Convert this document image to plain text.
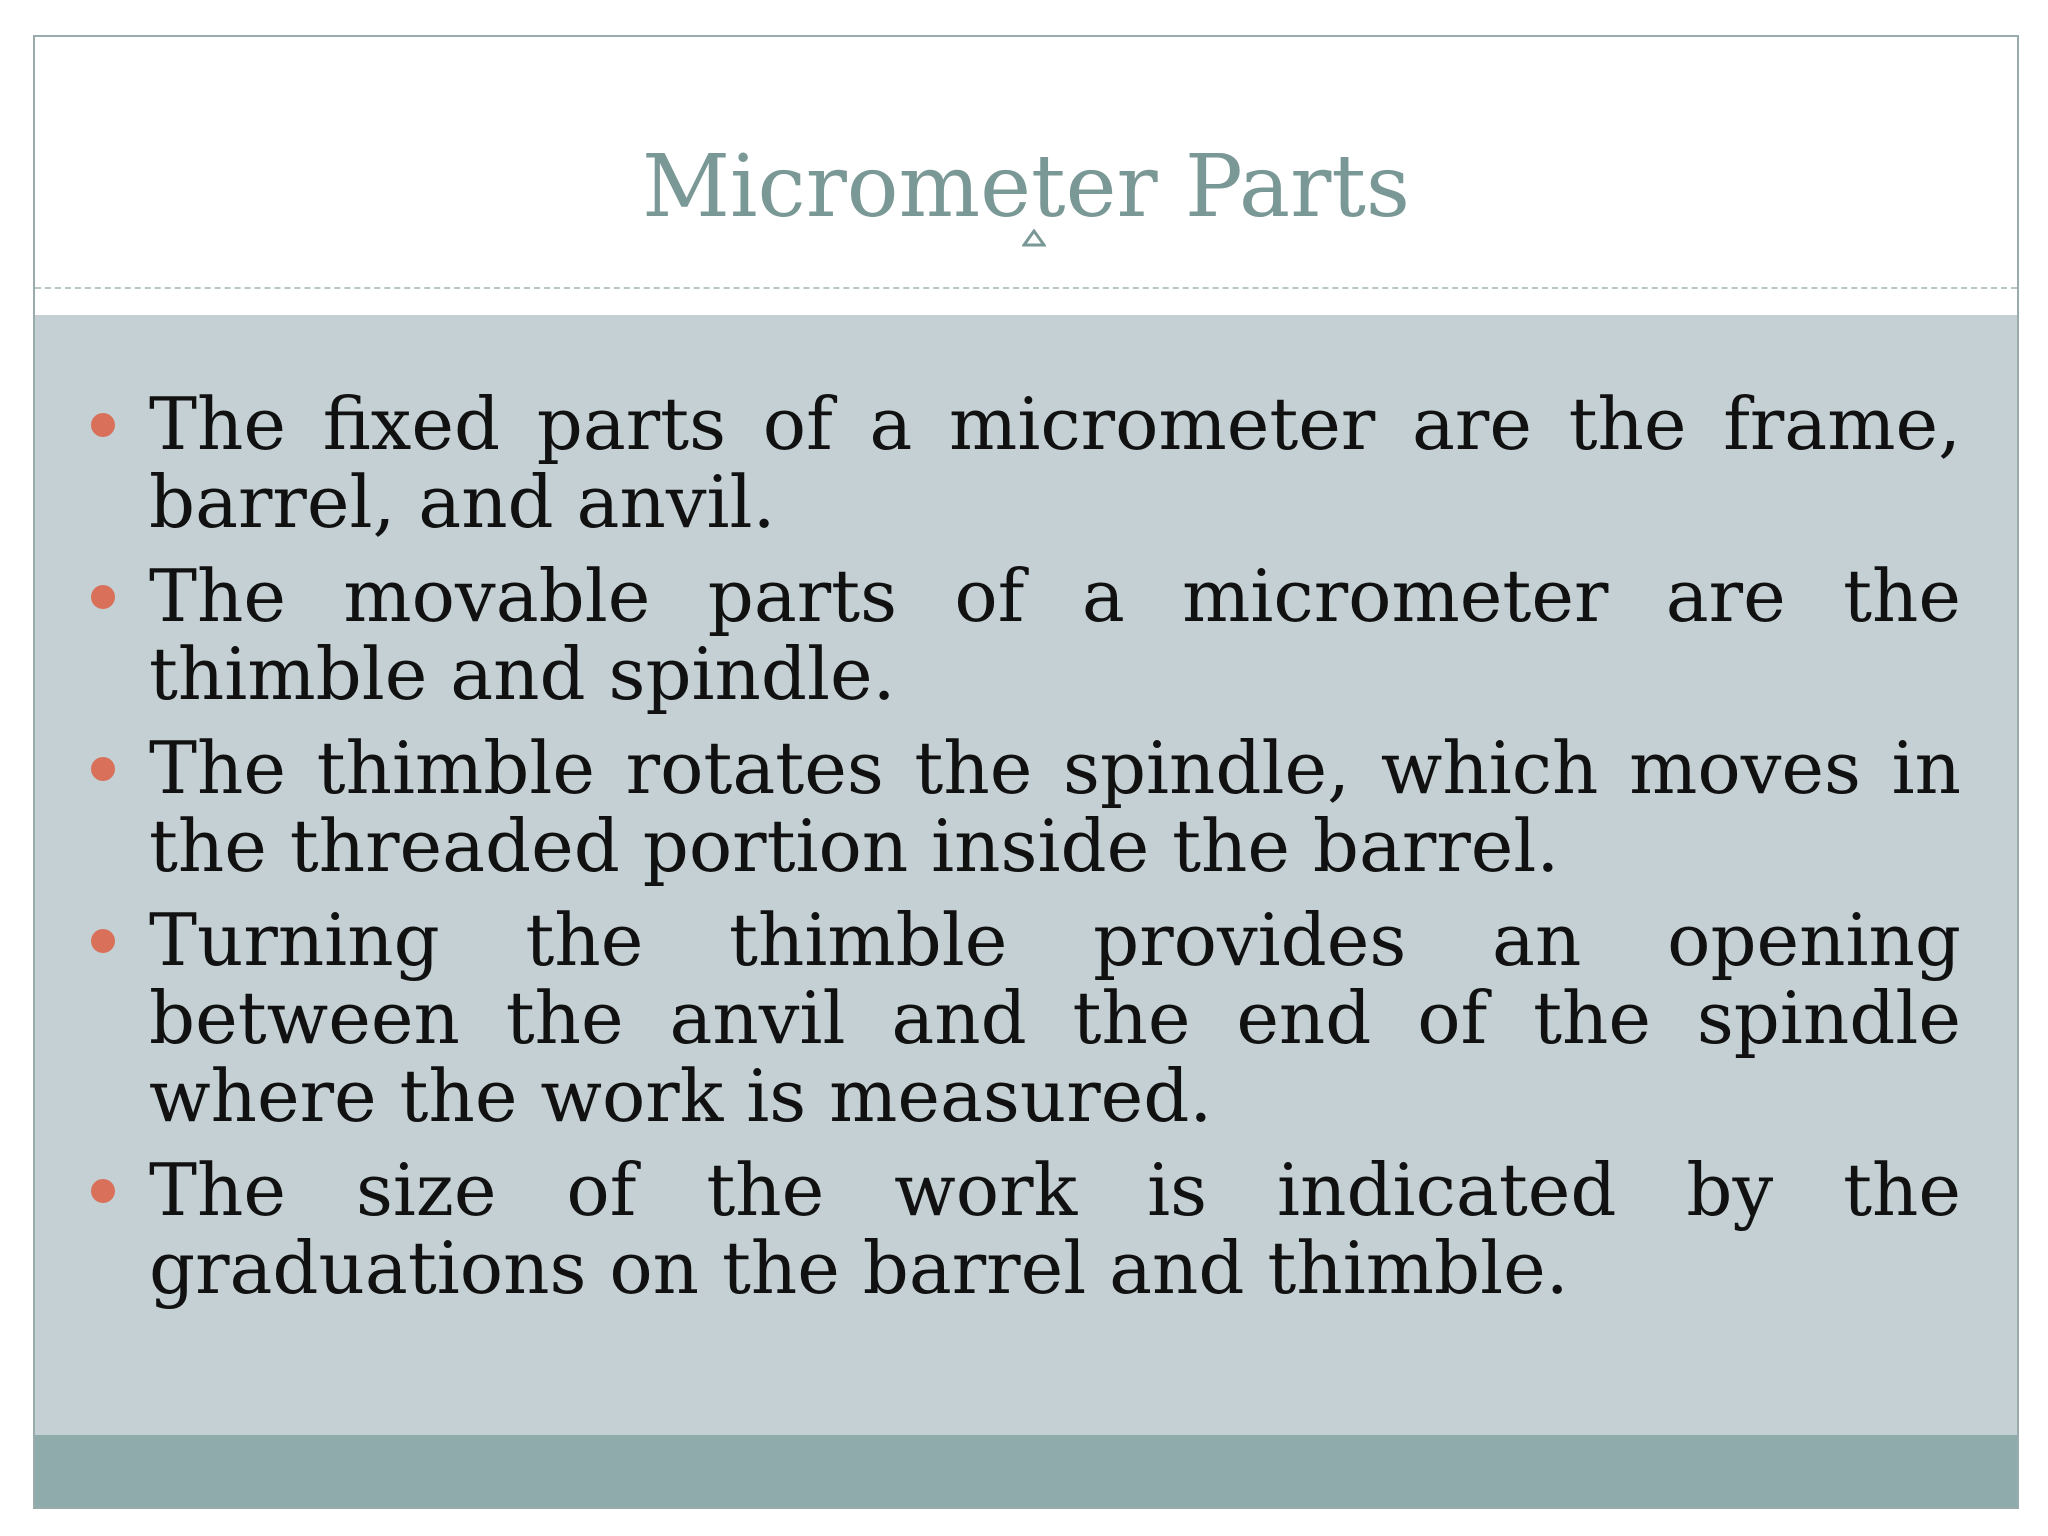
Micrometer Parts
The fixed parts of a micrometer are the frame, barrel, and anvil.
The movable parts of a micrometer are the thimble and spindle.
The thimble rotates the spindle, which moves in the threaded portion inside the barrel.
Turning the thimble provides an opening between the anvil and the end of the spindle where the work is measured.
The size of the work is indicated by the graduations on the barrel and thimble.
